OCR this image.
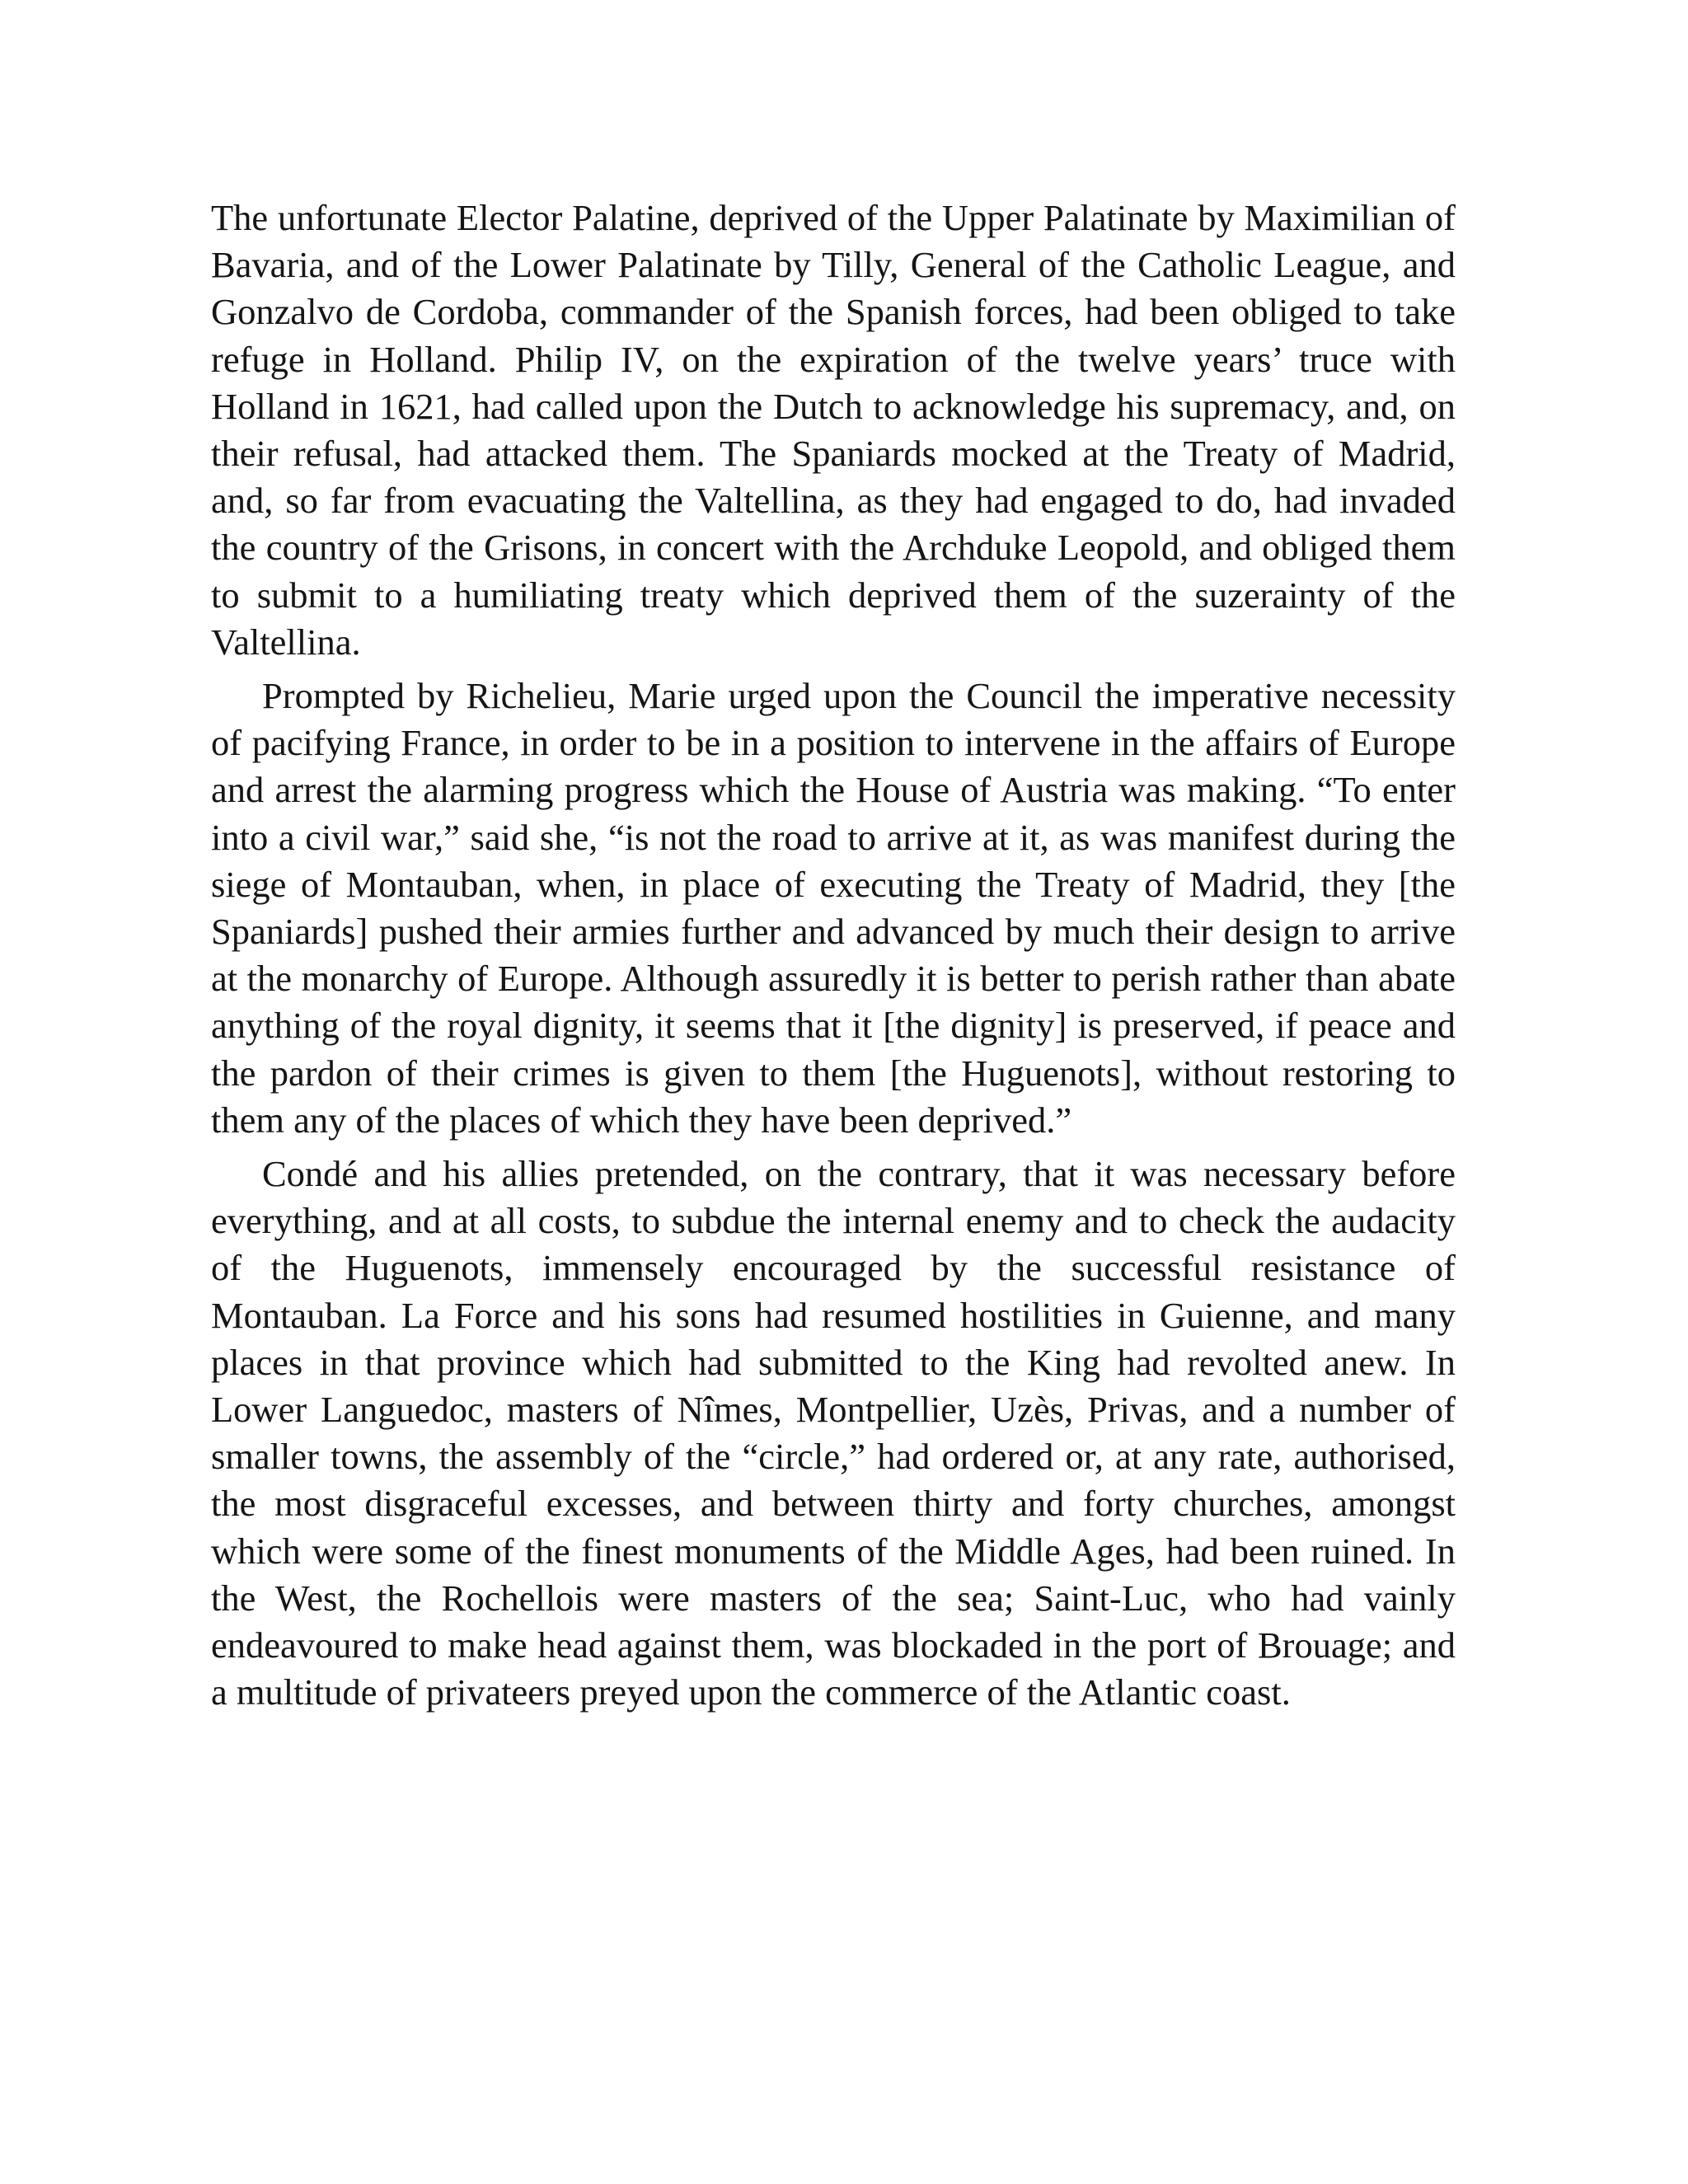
The unfortunate Elector Palatine, deprived of the Upper Palatinate by Maximilian of Bavaria, and of the Lower Palatinate by Tilly, General of the Catholic League, and Gonzalvo de Cordoba, commander of the Spanish forces, had been obliged to take refuge in Holland. Philip IV, on the expiration of the twelve years’ truce with Holland in 1621, had called upon the Dutch to acknowledge his supremacy, and, on their refusal, had attacked them. The Spaniards mocked at the Treaty of Madrid, and, so far from evacuating the Valtellina, as they had engaged to do, had invaded the country of the Grisons, in concert with the Archduke Leopold, and obliged them to submit to a humiliating treaty which deprived them of the suzerainty of the Valtellina.

Prompted by Richelieu, Marie urged upon the Council the imperative necessity of pacifying France, in order to be in a position to intervene in the affairs of Europe and arrest the alarming progress which the House of Austria was making. “To enter into a civil war,” said she, “is not the road to arrive at it, as was manifest during the siege of Montauban, when, in place of executing the Treaty of Madrid, they [the Spaniards] pushed their armies further and advanced by much their design to arrive at the monarchy of Europe. Although assuredly it is better to perish rather than abate anything of the royal dignity, it seems that it [the dignity] is preserved, if peace and the pardon of their crimes is given to them [the Huguenots], without restoring to them any of the places of which they have been deprived.”

Condé and his allies pretended, on the contrary, that it was necessary before everything, and at all costs, to subdue the internal enemy and to check the audacity of the Huguenots, immensely encouraged by the successful resistance of Montauban. La Force and his sons had resumed hostilities in Guienne, and many places in that province which had submitted to the King had revolted anew. In Lower Languedoc, masters of Nîmes, Montpellier, Uzès, Privas, and a number of smaller towns, the assembly of the “circle,” had ordered or, at any rate, authorised, the most disgraceful excesses, and between thirty and forty churches, amongst which were some of the finest monuments of the Middle Ages, had been ruined. In the West, the Rochellois were masters of the sea; Saint-Luc, who had vainly endeavoured to make head against them, was blockaded in the port of Brouage; and a multitude of privateers preyed upon the commerce of the Atlantic coast.
